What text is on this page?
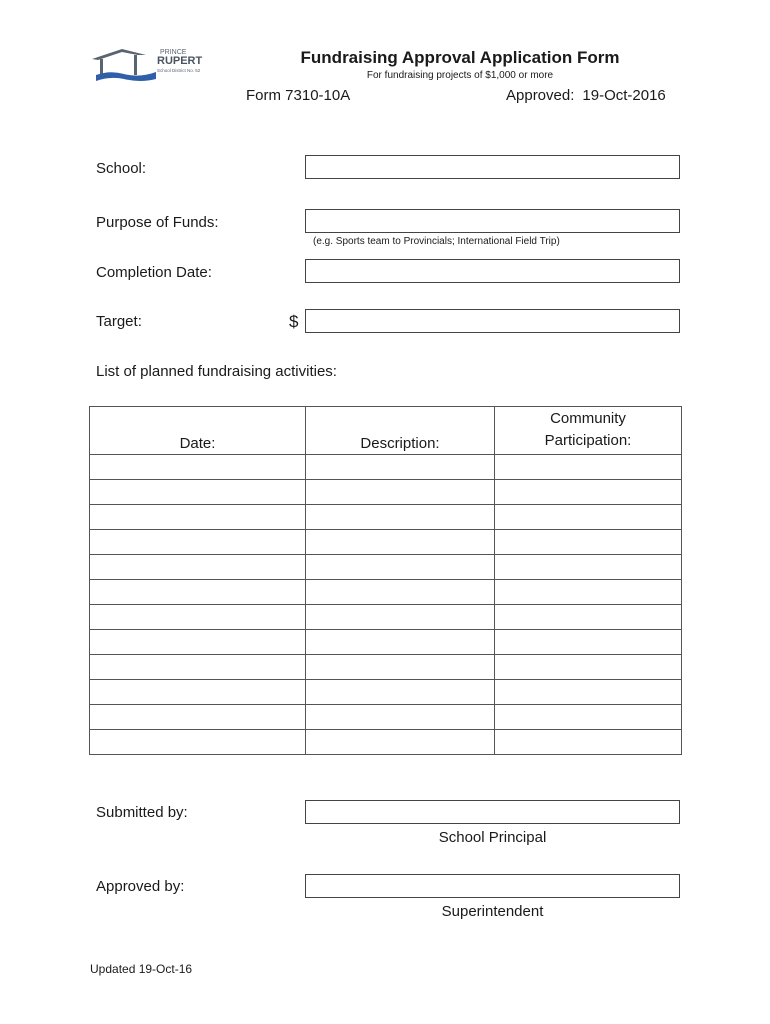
PRINCE
RUPERT
School District No. 52
Fundraising Approval Application Form
For fundraising projects of $1,000 or more
Form 7310-10A	Approved: 19-Oct-2016
School:
Purpose of Funds:
(e.g. Sports team to Provincials; International Field Trip)
Completion Date:
Target:	$
List of planned fundraising activities:
Date:	Description:	Community Participation:

Submitted by:
School Principal
Approved by:
Superintendent
Updated 19-Oct-16
